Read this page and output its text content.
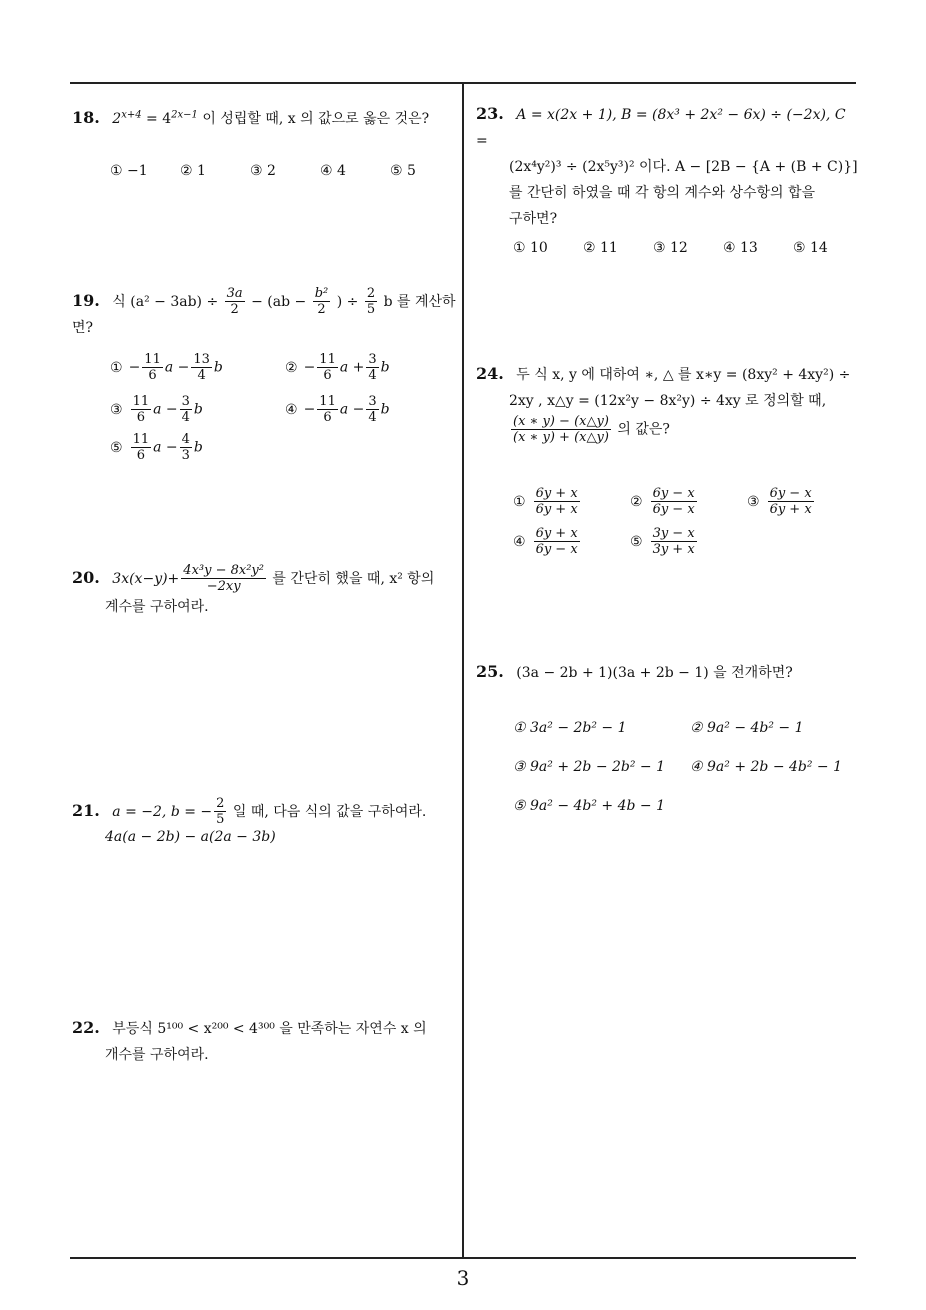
18. $2^{x+4} = 4^{2x-1}$ 이 성립할 때, x 의 값으로 옳은 것은?
① −1 ② 1	③ 2	④ 4	⑤ 5
19. 식 $(a^2 - 3ab) \div \frac{3a}{2} - (ab - \frac{\text{b²}}{2}$ ) ÷ $\frac{2}{5}$ b 를 계산하면?
① − $\frac{11}{6}$ $a - \frac{13}{4}$ b	② − $\frac{11}{6}$ $a + \frac{3}{4}$ b
③ $\frac{11}{6}$ $a - \frac{3}{4}$ b	④ − $\frac{11}{6}$ $a - \frac{3}{4}$ b
⑤ $\frac{11}{6}$ $a - \frac{4}{3}$ b
20. $3x(x-y)+ \frac{\text{4x³y − 8x²y²}}{-2xy}$ 를 간단히 했을 때, x² 항의
계수를 구하여라.
21. a = −2, b = − $\frac{2}{5}$ 일 때, 다음 식의 값을 구하여라.
4a(a − 2b) − a(2a − 3b)
22. 부등식 5¹⁰⁰ < x²⁰⁰ < 4³⁰⁰ 을 만족하는 자연수 x 의
개수를 구하여라.
23. A = x(2x + 1), B = (8x³ + 2x² − 6x) ÷ (−2x), C =
(2x⁴y²)³ ÷ (2x⁵y³)² 이다. A − [2B − {A + (B + C)}]
를 간단히 하였을 때 각 항의 계수와 상수항의 합을
구하면?
① 10	② 11	③ 12	④ 13	⑤ 14
24. 두 식 x, y 에 대하여 ∗, △ 를 x∗y = (8xy² + 4xy²) ÷
2xy , x△y = (12x²y − 8x²y) ÷ 4xy 로 정의할 때,
$\frac{(x ∗ y) - (x\triangle y)}{(x ∗ y) + (x\triangle y)}$ 의 값은?
① $\frac{6y + x}{6y + x}$	② $\frac{6y - x}{6y - x}$	③ $\frac{6y - x}{6y + x}$
④ $\frac{6y + x}{6y - x}$	⑤ $\frac{3y - x}{3y + x}$
25. (3a − 2b + 1)(3a + 2b − 1) 을 전개하면?
① 3a² − 2b² − 1	② 9a² − 4b² − 1
③ 9a² + 2b − 2b² − 1 ④ 9a² + 2b − 4b² − 1
⑤ 9a² − 4b² + 4b − 1
3
